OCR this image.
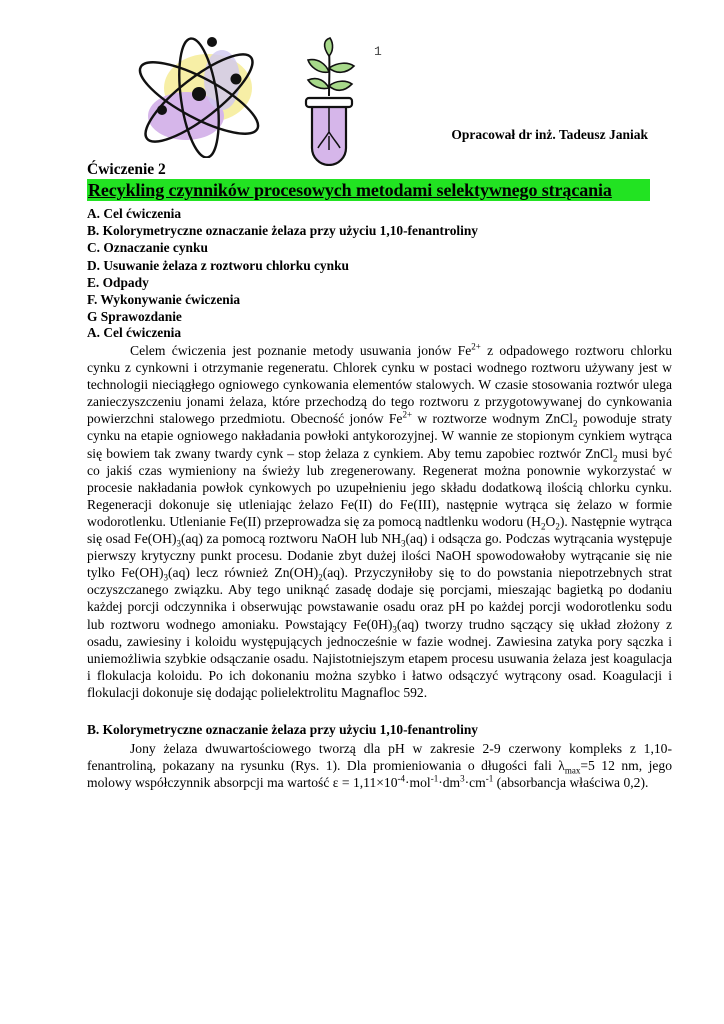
1
Opracował dr inż. Tadeusz Janiak
Ćwiczenie 2
Recykling czynników procesowych metodami selektywnego strącania
A. Cel ćwiczenia
B. Kolorymetryczne oznaczanie żelaza przy użyciu 1,10-fenantroliny
C. Oznaczanie cynku
D. Usuwanie żelaza z roztworu chlorku cynku
E. Odpady
F. Wykonywanie ćwiczenia
G Sprawozdanie
A. Cel ćwiczenia
Celem ćwiczenia jest poznanie metody usuwania jonów $Fe^{2+}$ z odpadowego roztworu chlorku cynku z cynkowni i otrzymanie regeneratu. Chlorek cynku w postaci wodnego roztworu używany jest w technologii nieciągłego ogniowego cynkowania elementów stalowych. W czasie stosowania roztwór ulega zanieczyszczeniu jonami żelaza, które przechodzą do tego roztworu z przygotowywanej do cynkowania powierzchni stalowego przedmiotu. Obecność jonów $Fe^{2+}$ w roztworze wodnym ZnCl$_2$ powoduje straty cynku na etapie ogniowego nakładania powłoki antykorozyjnej. W wannie ze stopionym cynkiem wytrąca się bowiem tak zwany twardy cynk – stop żelaza z cynkiem. Aby temu zapobiec roztwór ZnCl$_2$ musi być co jakiś czas wymieniony na świeży lub zregenerowany. Regenerat można ponownie wykorzystać w procesie nakładania powłok cynkowych po uzupełnieniu jego składu dodatkową ilością chlorku cynku. Regeneracji dokonuje się utleniając żelazo Fe(II) do Fe(III), następnie wytrąca się żelazo w formie wodorotlenku. Utlenianie Fe(II) przeprowadza się za pomocą nadtlenku wodoru $(H_2O_2)$. Następnie wytrąca się osad $Fe(OH)_3(aq)$ za pomocą roztworu NaOH lub $NH_3(aq)$ i odsącza go. Podczas wytrącania występuje pierwszy krytyczny punkt procesu. Dodanie zbyt dużej ilości NaOH spowodowałoby wytrącanie się nie tylko $Fe(OH)_3(aq)$ lecz również $Zn(OH)_2(aq)$. Przyczyniłoby się to do powstania niepotrzebnych strat oczyszczanego związku. Aby tego uniknąć zasadę dodaje się porcjami, mieszając bagietką po dodaniu każdej porcji odczynnika i obserwując powstawanie osadu oraz pH po każdej porcji wodorotlenku sodu lub roztworu wodnego amoniaku. Powstający $Fe(0H)_3(aq)$ tworzy trudno sączący się układ złożony z osadu, zawiesiny i koloidu występujących jednocześnie w fazie wodnej. Zawiesina zatyka pory sączka i uniemożliwia szybkie odsączanie osadu. Najistotniejszym etapem procesu usuwania żelaza jest koagulacja i flokulacja koloidu. Po ich dokonaniu można szybko i łatwo odsączyć wytrącony osad. Koagulacji i flokulacji dokonuje się dodając polielektrolitu Magnafloc 592.
B. Kolorymetryczne oznaczanie żelaza przy użyciu 1,10-fenantroliny
Jony żelaza dwuwartościowego tworzą dla pH w zakresie 2-9 czerwony kompleks z 1,10-fenantroliną, pokazany na rysunku (Rys. 1). Dla promieniowania o długości fali $\lambda_{max}=5$ 12 nm, jego molowy współczynnik absorpcji ma wartość $\varepsilon = 1,11\times 10^{-4}\cdot mol^{-1}\cdot dm^3\cdot cm^{-1}$ (absorbancja właściwa 0,2).
